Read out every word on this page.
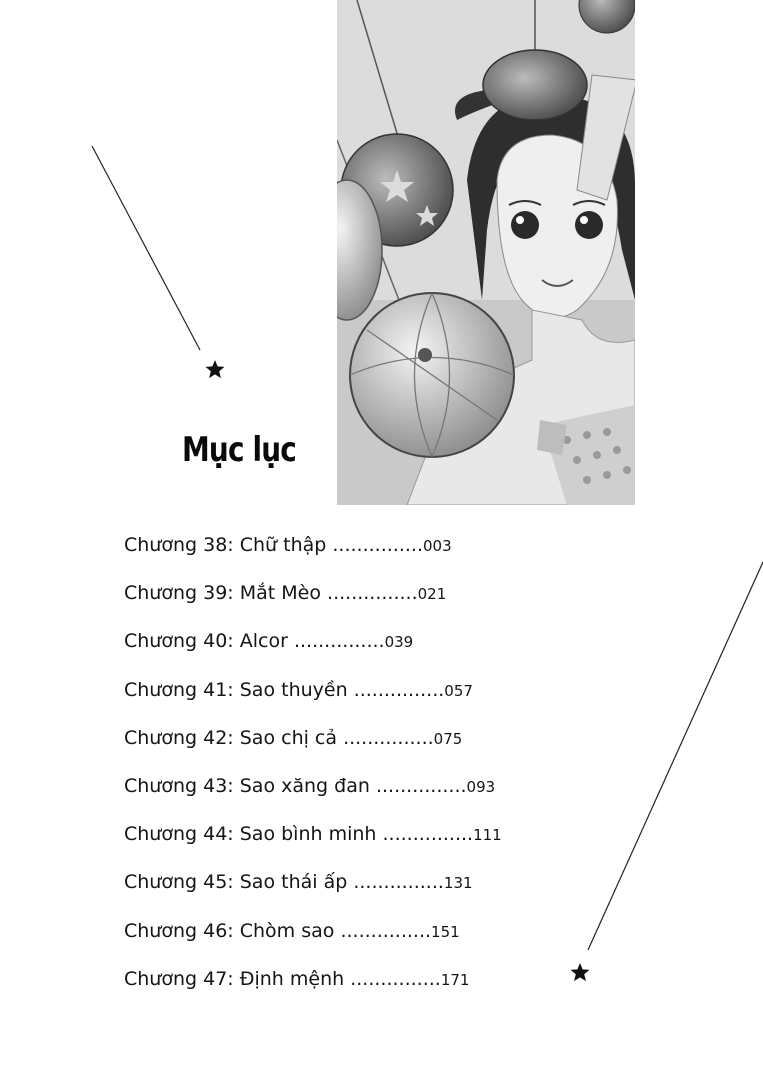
Mục lục
Chương 38: Chữ thập ...............003
Chương 39: Mắt Mèo ...............021
Chương 40: Alcor ...............039
Chương 41: Sao thuyền ...............057
Chương 42: Sao chị cả ...............075
Chương 43: Sao xăng đan ...............093
Chương 44: Sao bình minh ...............111
Chương 45: Sao thái ấp ...............131
Chương 46: Chòm sao ...............151
Chương 47: Định mệnh ...............171
